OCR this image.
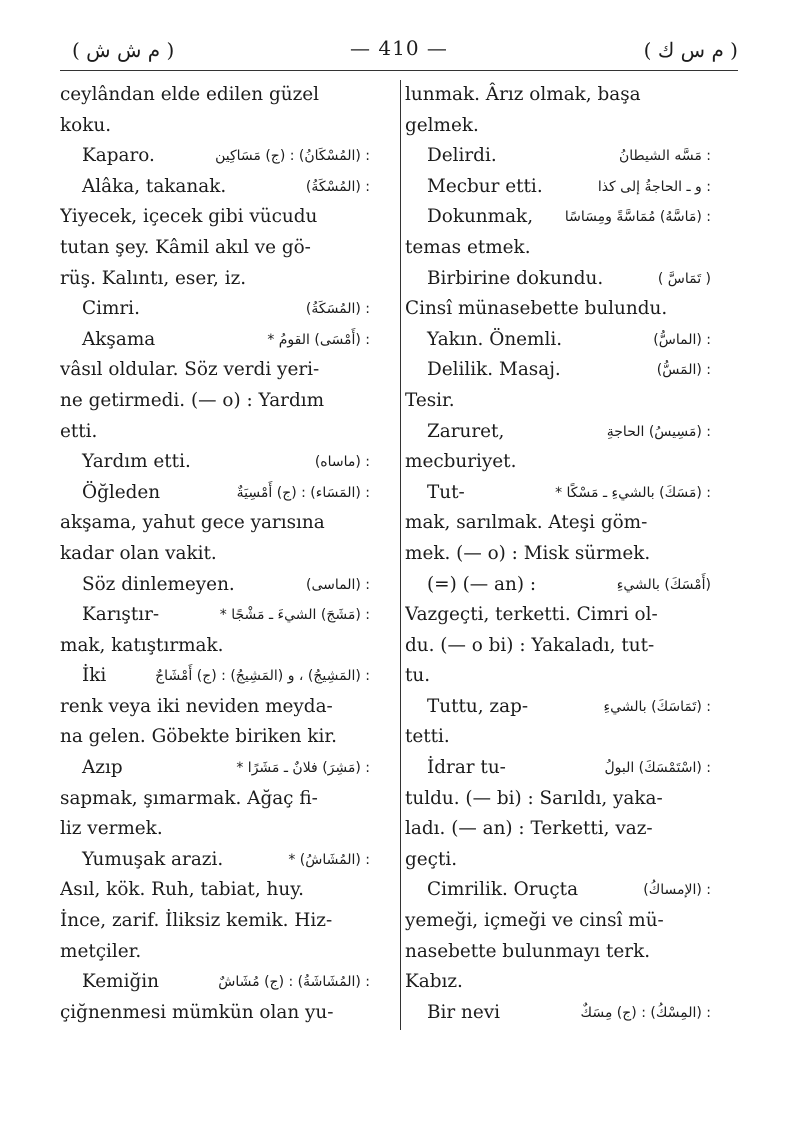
( م ش ش )	— 410 —	( م س ك )
ceylândan elde edilen güzel
koku.
Kaparo.	: (المُسْكَانُ) : (ج) مَسَاكِين
Alâka, takanak.	: (المُسْكَةُ)
Yiyecek, içecek gibi vücudu
tutan şey. Kâmil akıl ve gö-
rüş. Kalıntı, eser, iz.
Cimri.	: (المُسَكَةُ)
Akşama	: (أَمْسَى) القومُ *
vâsıl oldular. Söz verdi yeri-
ne getirmedi. (— o) : Yardım
etti.
Yardım etti.	: (ماساه)
Öğleden	: (المَسَاء) : (ج) أَمْسِيَةٌ
akşama, yahut gece yarısına
kadar olan vakit.
Söz dinlemeyen.	: (الماسى)
Karıştır-	: (مَشَجَ) الشيءَ ـ مَشْجًا *
mak, katıştırmak.
İki	: (المَشِيجُ) ، و (المَشِيجُ) : (ج) أَمْشَاجٌ
renk veya iki neviden meyda-
na gelen. Göbekte biriken kir.
Azıp	: (مَشِرَ) فلانٌ ـ مَشَرًا *
sapmak, şımarmak. Ağaç fi-
liz vermek.
Yumuşak arazi.	: (المُشَاشُ) *
Asıl, kök. Ruh, tabiat, huy.
İnce, zarif. İliksiz kemik. Hiz-
metçiler.
Kemiğin	: (المُشَاشَةُ) : (ج) مُشَاشٌ
çiğnenmesi mümkün olan yu-
lunmak. Ârız olmak, başa
gelmek.
Delirdi.	: مَسَّه الشيطانُ
Mecbur etti.	: و ـ الحاجةُ إلى كذا
Dokunmak, : (مَاسَّهُ) مُمَاسَّةً ومِسَاسًا
temas etmek.
Birbirine dokundu.	( تَمَاسَّ )
Cinsî münasebette bulundu.
Yakın. Önemli.	: (الماسُّ)
Delilik. Masaj.	: (المَسُّ)
Tesir.
Zaruret,	: (مَسِيسُ) الحاجةِ
mecburiyet.
Tut-	: (مَسَكَ) بالشيءِ ـ مَسْكًا *
mak, sarılmak. Ateşi göm-
mek. (— o) : Misk sürmek.
(=) (— an) :	(أَمْسَكَ) بالشيءِ
Vazgeçti, terketti. Cimri ol-
du. (— o bi) : Yakaladı, tut-
tu.
Tuttu, zap-	: (تَمَاسَكَ) بالشيءِ
tetti.
İdrar tu-	: (اسْتَمْسَكَ) البولُ
tuldu. (— bi) : Sarıldı, yaka-
ladı. (— an) : Terketti, vaz-
geçti.
Cimrilik. Oruçta	: (الإمساكُ)
yemeği, içmeği ve cinsî mü-
nasebette bulunmayı terk.
Kabız.
Bir nevi	: (المِسْكُ) : (ج) مِسَكٌ
